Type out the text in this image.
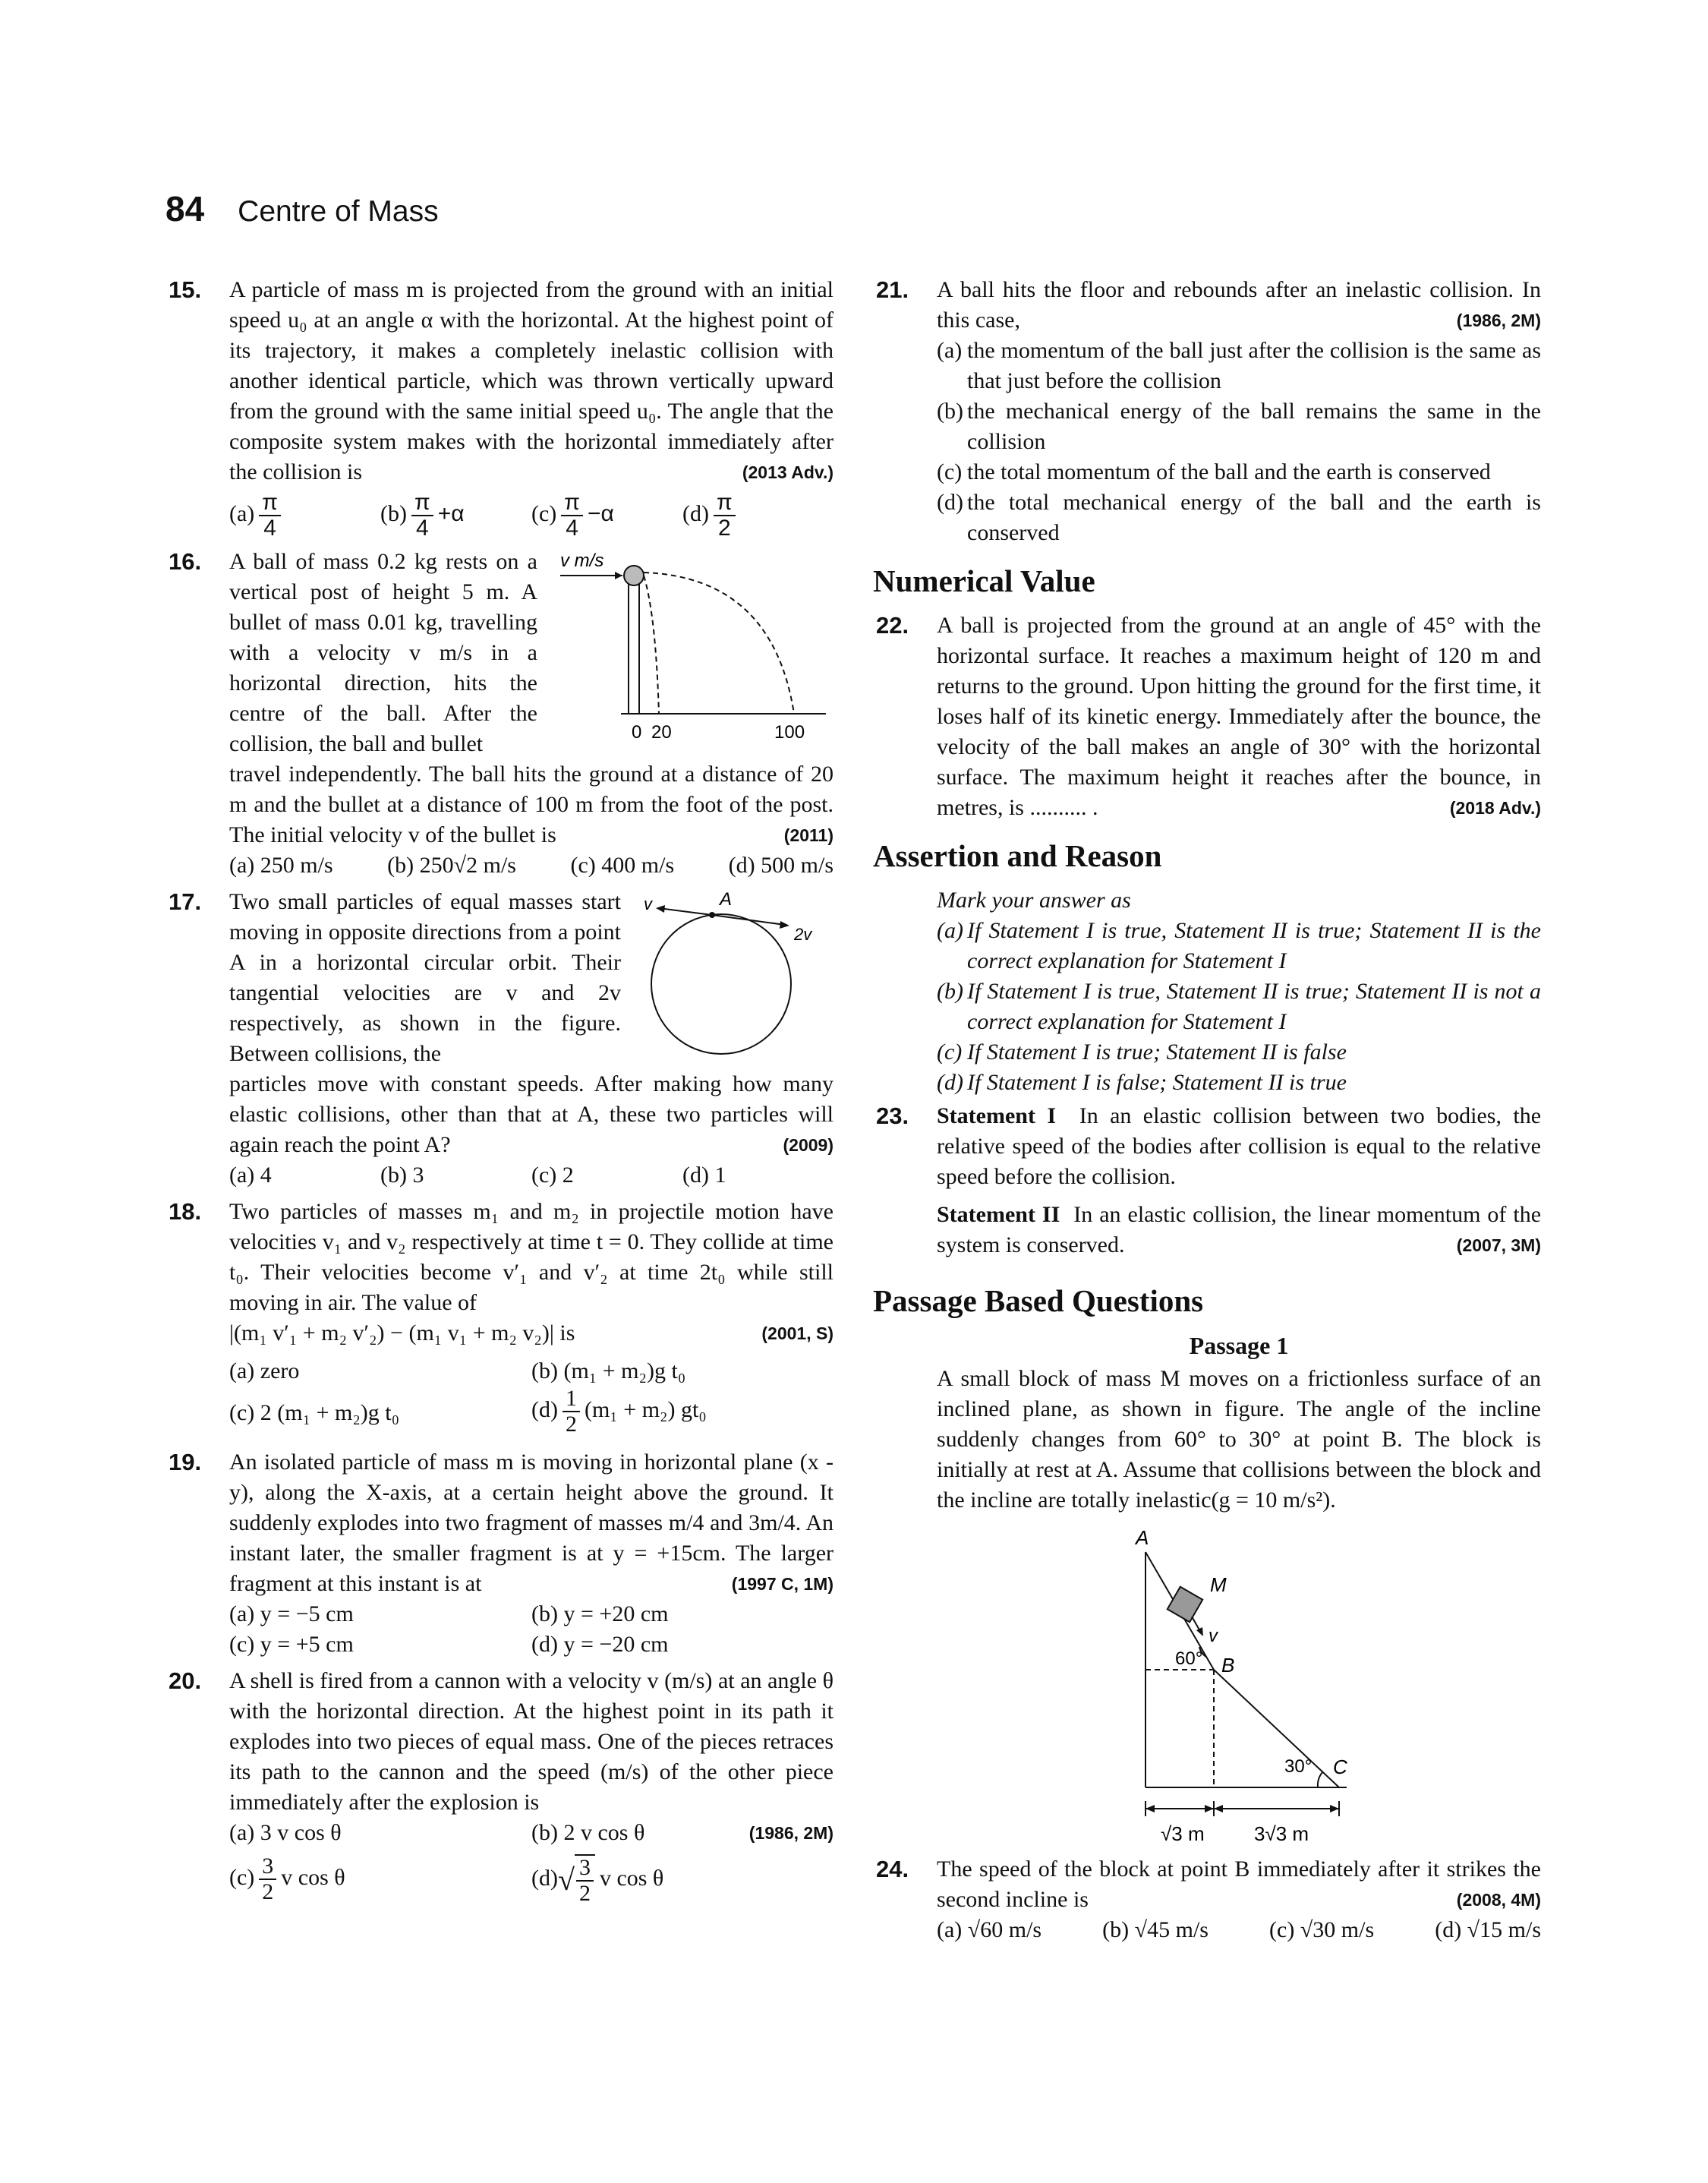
84 Centre of Mass
15. A particle of mass m is projected from the ground with an initial speed u₀ at an angle α with the horizontal. At the highest point of its trajectory, it makes a completely inelastic collision with another identical particle, which was thrown vertically upward from the ground with the same initial speed u₀. The angle that the composite system makes with the horizontal immediately after the collision is	(2013 Adv.)
$(a) \frac{\pi}{4}$	$(b) \frac{\pi}{4} +\alpha$	$(c) \frac{\pi}{4} -\alpha$	$(d) \frac{\pi}{2}$
16.	v m/s
0 20	100
A ball of mass 0.2 kg rests on a vertical post of height 5 m. A bullet of mass 0.01 kg, travelling with a velocity v m/s in a horizontal direction, hits the centre of the ball. After the collision, the ball and bullet
travel independently. The ball hits the ground at a distance of 20 m and the bullet at a distance of 100 m from the foot of the post. The initial velocity v of the bullet is	(2011)
(a) 250 m/s (b) 250√2 m/s (c) 400 m/s (d) 500 m/s
17.	v	A
2v
Two small particles of equal masses start moving in opposite directions from a point A in a horizontal circular orbit. Their tangential velocities are v and 2v respectively, as shown in the figure. Between collisions, the
particles move with constant speeds. After making how many elastic collisions, other than that at A, these two particles will again reach the point A?	(2009)
(a) 4	(b) 3	(c) 2	(d) 1
18. Two particles of masses m₁ and m₂ in projectile motion have velocities v₁ and v₂ respectively at time t = 0. They collide at time t₀. Their velocities become v′₁ and v′₂ at time 2t₀ while still moving in air. The value of
|(m₁ v′₁ + m₂ v′₂) − (m₁ v₁ + m₂ v₂)| is	(2001, S)
(a) zero	(b) (m₁ + m₂)g t₀
(c) 2 (m₁ + m₂)g t₀	$(d) \frac{1}{2} (m_1 + m_2)$ gt₀
19. An isolated particle of mass m is moving in horizontal plane (x -y), along the X-axis, at a certain height above the ground. It suddenly explodes into two fragment of masses m/4 and 3m/4. An instant later, the smaller fragment is at y = +15cm. The larger fragment at this instant is at	(1997 C, 1M)
(a) y = −5 cm	(b) y = +20 cm
(c) y = +5 cm	(d) y = −20 cm
20. A shell is fired from a cannon with a velocity v (m/s) at an angle θ with the horizontal direction. At the highest point in its path it explodes into two pieces of equal mass. One of the pieces retraces its path to the cannon and the speed (m/s) of the other piece immediately after the explosion is
(a) 3 v cos θ	(b) 2 v cos θ	(1986, 2M)
$(c) \frac{3}{2}$ v cos θ	$(d)√ \frac{3}{2}$ v cos θ
21. A ball hits the floor and rebounds after an inelastic collision. In this case,	(1986, 2M)
(a) the momentum of the ball just after the collision is the same as that just before the collision
(b) the mechanical energy of the ball remains the same in the collision
(c) the total momentum of the ball and the earth is conserved
(d) the total mechanical energy of the ball and the earth is conserved
Numerical Value
22. A ball is projected from the ground at an angle of 45° with the horizontal surface. It reaches a maximum height of 120 m and returns to the ground. Upon hitting the ground for the first time, it loses half of its kinetic energy. Immediately after the bounce, the velocity of the ball makes an angle of 30° with the horizontal surface. The maximum height it reaches after the bounce, in metres, is .......... .	(2018 Adv.)
Assertion and Reason
Mark your answer as
(a) If Statement I is true, Statement II is true; Statement II is the correct explanation for Statement I
(b) If Statement I is true, Statement II is true; Statement II is not a correct explanation for Statement I
(c) If Statement I is true; Statement II is false
(d) If Statement I is false; Statement II is true
23. Statement I In an elastic collision between two bodies, the relative speed of the bodies after collision is equal to the relative speed before the collision.
Statement II In an elastic collision, the linear momentum of the system is conserved.	(2007, 3M)
Passage Based Questions
Passage 1
A small block of mass M moves on a frictionless surface of an inclined plane, as shown in figure. The angle of the incline suddenly changes from 60° to 30° at point B. The block is initially at rest at A. Assume that collisions between the block and the incline are totally inelastic(g = 10 m/s²).
A
M
v
60° B
30° C
√3 m	3√3 m
24. The speed of the block at point B immediately after it strikes the second incline is	(2008, 4M)
(a) √60 m/s	(b) √45 m/s	(c) √30 m/s	(d) √15 m/s
